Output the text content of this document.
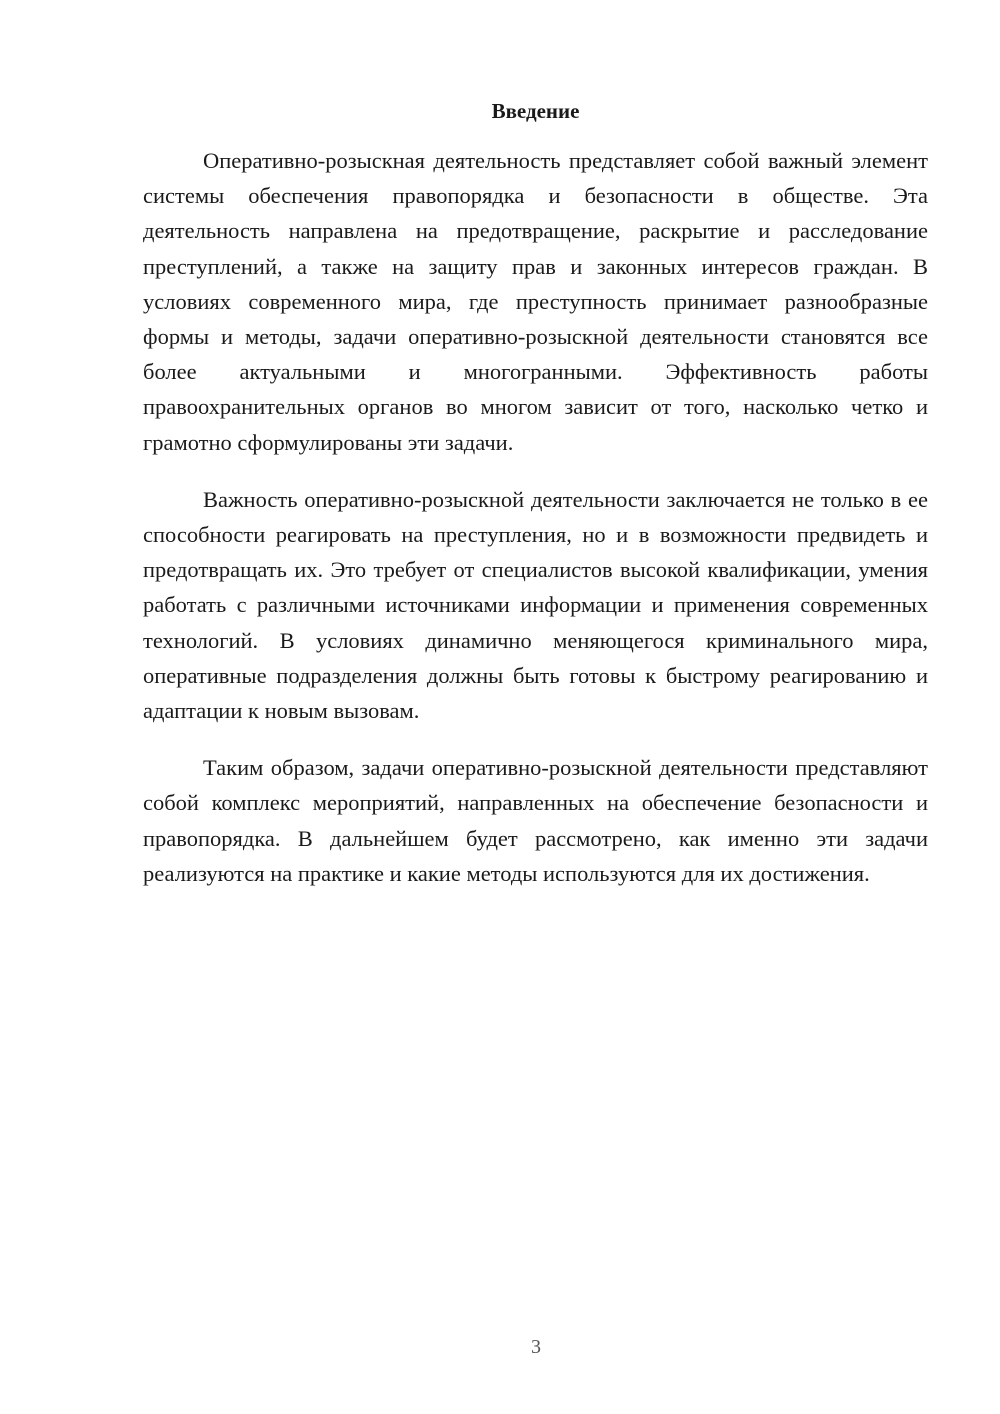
Введение

Оперативно-розыскная деятельность представляет собой важный элемент системы обеспечения правопорядка и безопасности в обществе. Эта деятельность направлена на предотвращение, раскрытие и расследование преступлений, а также на защиту прав и законных интересов граждан. В условиях современного мира, где преступность принимает разнообразные формы и методы, задачи оперативно-розыскной деятельности становятся все более актуальными и многогранными. Эффективность работы правоохранительных органов во многом зависит от того, насколько четко и грамотно сформулированы эти задачи.

Важность оперативно-розыскной деятельности заключается не только в ее способности реагировать на преступления, но и в возможности предвидеть и предотвращать их. Это требует от специалистов высокой квалификации, умения работать с различными источниками информации и применения современных технологий. В условиях динамично меняющегося криминального мира, оперативные подразделения должны быть готовы к быстрому реагированию и адаптации к новым вызовам.

Таким образом, задачи оперативно-розыскной деятельности представляют собой комплекс мероприятий, направленных на обеспечение безопасности и правопорядка. В дальнейшем будет рассмотрено, как именно эти задачи реализуются на практике и какие методы используются для их достижения.

3
